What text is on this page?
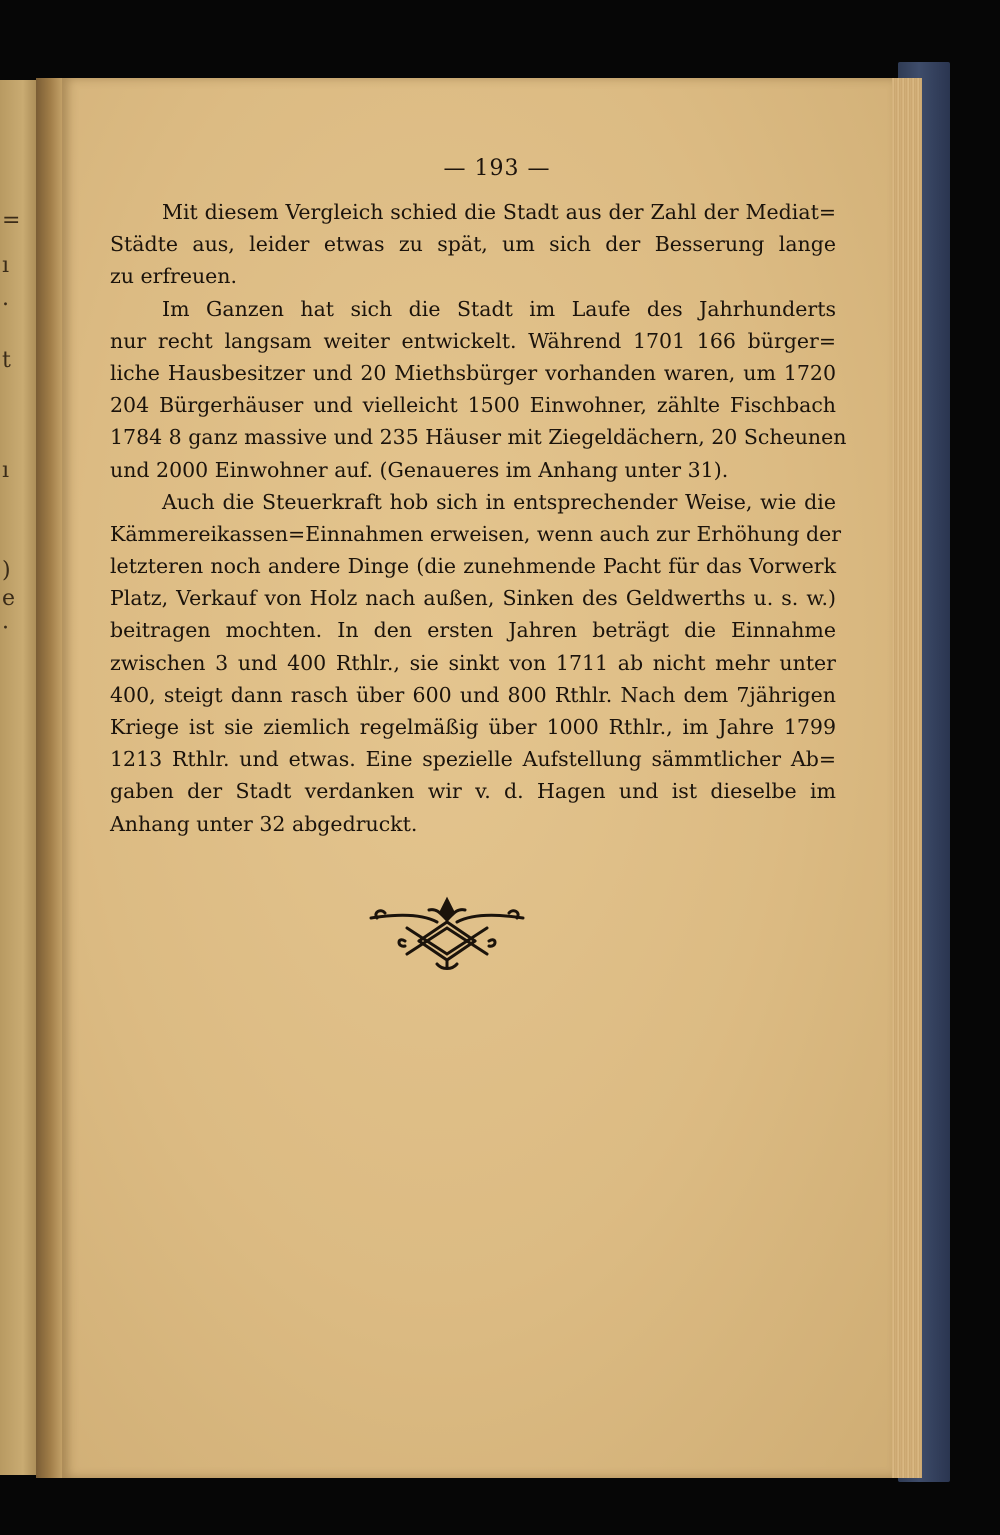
=
ı
.
t
ı
)
e
·
— 193 —
Mit diesem Vergleich schied die Stadt aus der Zahl der Mediat=
Städte aus, leider etwas zu spät, um sich der Besserung lange
zu erfreuen.
Im Ganzen hat sich die Stadt im Laufe des Jahrhunderts
nur recht langsam weiter entwickelt. Während 1701 166 bürger=
liche Hausbesitzer und 20 Miethsbürger vorhanden waren, um 1720
204 Bürgerhäuser und vielleicht 1500 Einwohner, zählte Fischbach
1784 8 ganz massive und 235 Häuser mit Ziegeldächern, 20 Scheunen
und 2000 Einwohner auf. (Genaueres im Anhang unter 31).
Auch die Steuerkraft hob sich in entsprechender Weise, wie die
Kämmereikassen=Einnahmen erweisen, wenn auch zur Erhöhung der
letzteren noch andere Dinge (die zunehmende Pacht für das Vorwerk
Platz, Verkauf von Holz nach außen, Sinken des Geldwerths u. s. w.)
beitragen mochten. In den ersten Jahren beträgt die Einnahme
zwischen 3 und 400 Rthlr., sie sinkt von 1711 ab nicht mehr unter
400, steigt dann rasch über 600 und 800 Rthlr. Nach dem 7jährigen
Kriege ist sie ziemlich regelmäßig über 1000 Rthlr., im Jahre 1799
1213 Rthlr. und etwas. Eine spezielle Aufstellung sämmtlicher Ab=
gaben der Stadt verdanken wir v. d. Hagen und ist dieselbe im
Anhang unter 32 abgedruckt.
